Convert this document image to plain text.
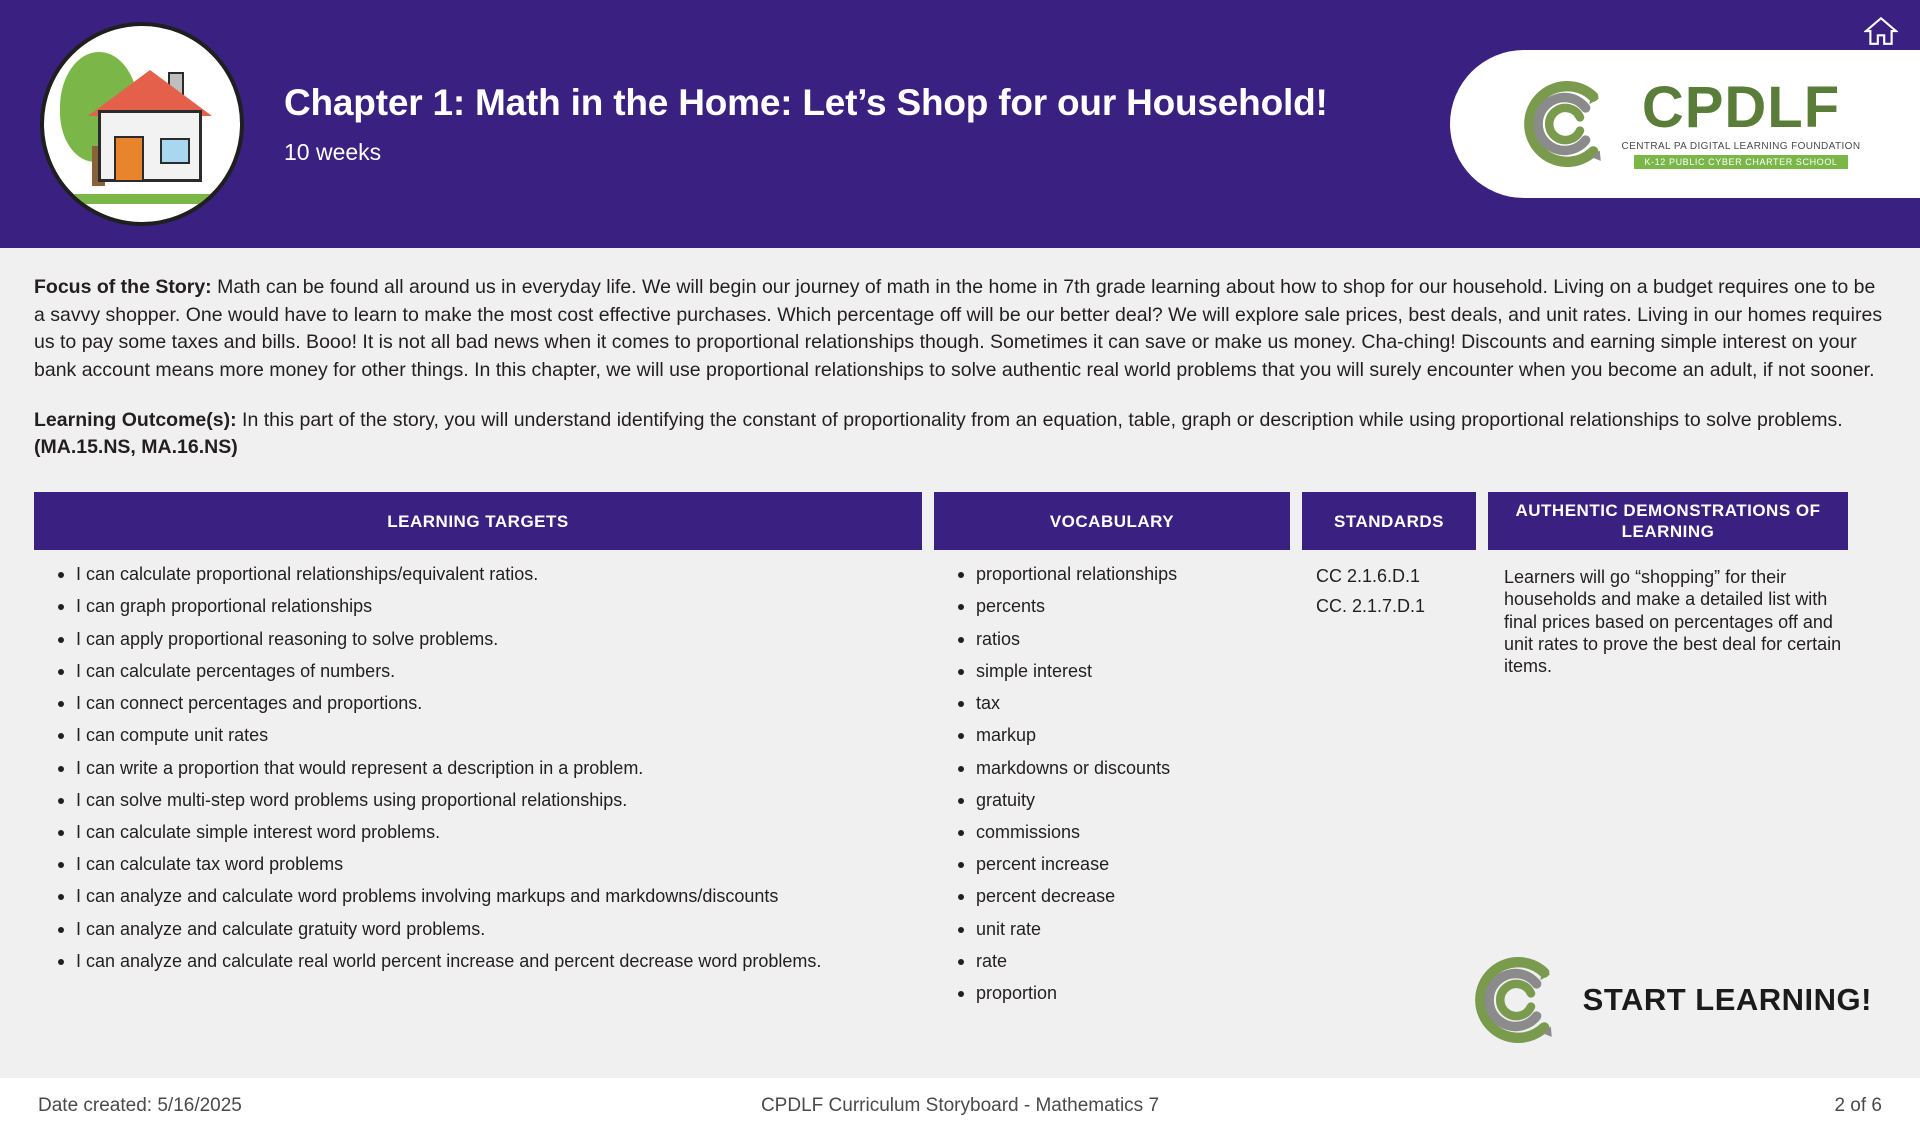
Chapter 1: Math in the Home: Let’s Shop for our Household!
10 weeks
CPDLF
CENTRAL PA DIGITAL LEARNING FOUNDATION
K-12 PUBLIC CYBER CHARTER SCHOOL

Focus of the Story: Math can be found all around us in everyday life. We will begin our journey of math in the home in 7th grade learning about how to shop for our household. Living on a budget requires one to be a savvy shopper. One would have to learn to make the most cost effective purchases. Which percentage off will be our better deal? We will explore sale prices, best deals, and unit rates. Living in our homes requires us to pay some taxes and bills. Booo! It is not all bad news when it comes to proportional relationships though. Sometimes it can save or make us money. Cha-ching! Discounts and earning simple interest on your bank account means more money for other things. In this chapter, we will use proportional relationships to solve authentic real world problems that you will surely encounter when you become an adult, if not sooner.

Learning Outcome(s): In this part of the story, you will understand identifying the constant of proportionality from an equation, table, graph or description while using proportional relationships to solve problems. (MA.15.NS, MA.16.NS)

LEARNING TARGETS
I can calculate proportional relationships/equivalent ratios.
I can graph proportional relationships
I can apply proportional reasoning to solve problems.
I can calculate percentages of numbers.
I can connect percentages and proportions.
I can compute unit rates
I can write a proportion that would represent a description in a problem.
I can solve multi-step word problems using proportional relationships.
I can calculate simple interest word problems.
I can calculate tax word problems
I can analyze and calculate word problems involving markups and markdowns/discounts
I can analyze and calculate gratuity word problems.
I can analyze and calculate real world percent increase and percent decrease word problems.
VOCABULARY
proportional relationships
percents
ratios
simple interest
tax
markup
markdowns or discounts
gratuity
commissions
percent increase
percent decrease
unit rate
rate
proportion
STANDARDS
CC 2.1.6.D.1
CC. 2.1.7.D.1
AUTHENTIC DEMONSTRATIONS OF LEARNING

Learners will go “shopping” for their households and make a detailed list with final prices based on percentages off and unit rates to prove the best deal for certain items.

START LEARNING!
Date created: 5/16/2025	CPDLF Curriculum Storyboard - Mathematics 7	2 of 6
